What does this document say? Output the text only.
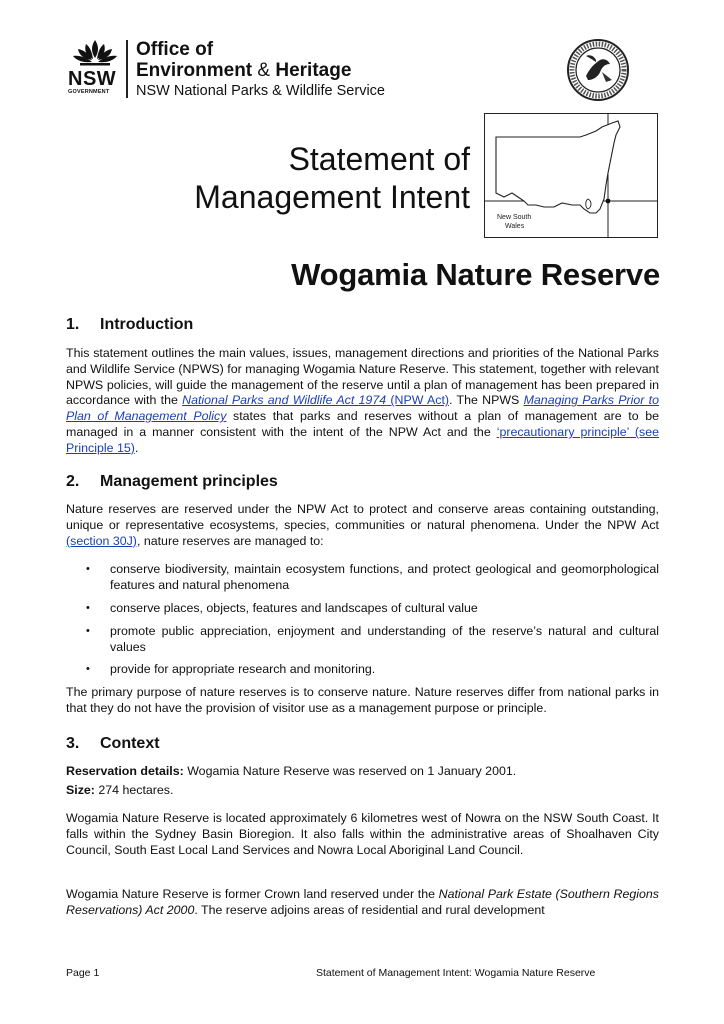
NSW
GOVERNMENT
Office of
Environment & Heritage
NSW National Parks & Wildlife Service
Statement of
Management Intent
New South
Wales
Wogamia Nature Reserve
1. Introduction
This statement outlines the main values, issues, management directions and priorities of the National Parks and Wildlife Service (NPWS) for managing Wogamia Nature Reserve. This statement, together with relevant NPWS policies, will guide the management of the reserve until a plan of management has been prepared in accordance with the National Parks and Wildlife Act 1974 (NPW Act). The NPWS Managing Parks Prior to Plan of Management Policy states that parks and reserves without a plan of management are to be managed in a manner consistent with the intent of the NPW Act and the ‘precautionary principle’ (see Principle 15).
2. Management principles
Nature reserves are reserved under the NPW Act to protect and conserve areas containing outstanding, unique or representative ecosystems, species, communities or natural phenomena. Under the NPW Act (section 30J), nature reserves are managed to:
• conserve biodiversity, maintain ecosystem functions, and protect geological and geomorphological features and natural phenomena
• conserve places, objects, features and landscapes of cultural value
• promote public appreciation, enjoyment and understanding of the reserve’s natural and cultural values
• provide for appropriate research and monitoring.
The primary purpose of nature reserves is to conserve nature. Nature reserves differ from national parks in that they do not have the provision of visitor use as a management purpose or principle.
3. Context
Reservation details: Wogamia Nature Reserve was reserved on 1 January 2001.
Size: 274 hectares.
Wogamia Nature Reserve is located approximately 6 kilometres west of Nowra on the NSW South Coast. It falls within the Sydney Basin Bioregion. It also falls within the administrative areas of Shoalhaven City Council, South East Local Land Services and Nowra Local Aboriginal Land Council.
Wogamia Nature Reserve is former Crown land reserved under the National Park Estate (Southern Regions Reservations) Act 2000. The reserve adjoins areas of residential and rural development
Page 1	Statement of Management Intent: Wogamia Nature Reserve
